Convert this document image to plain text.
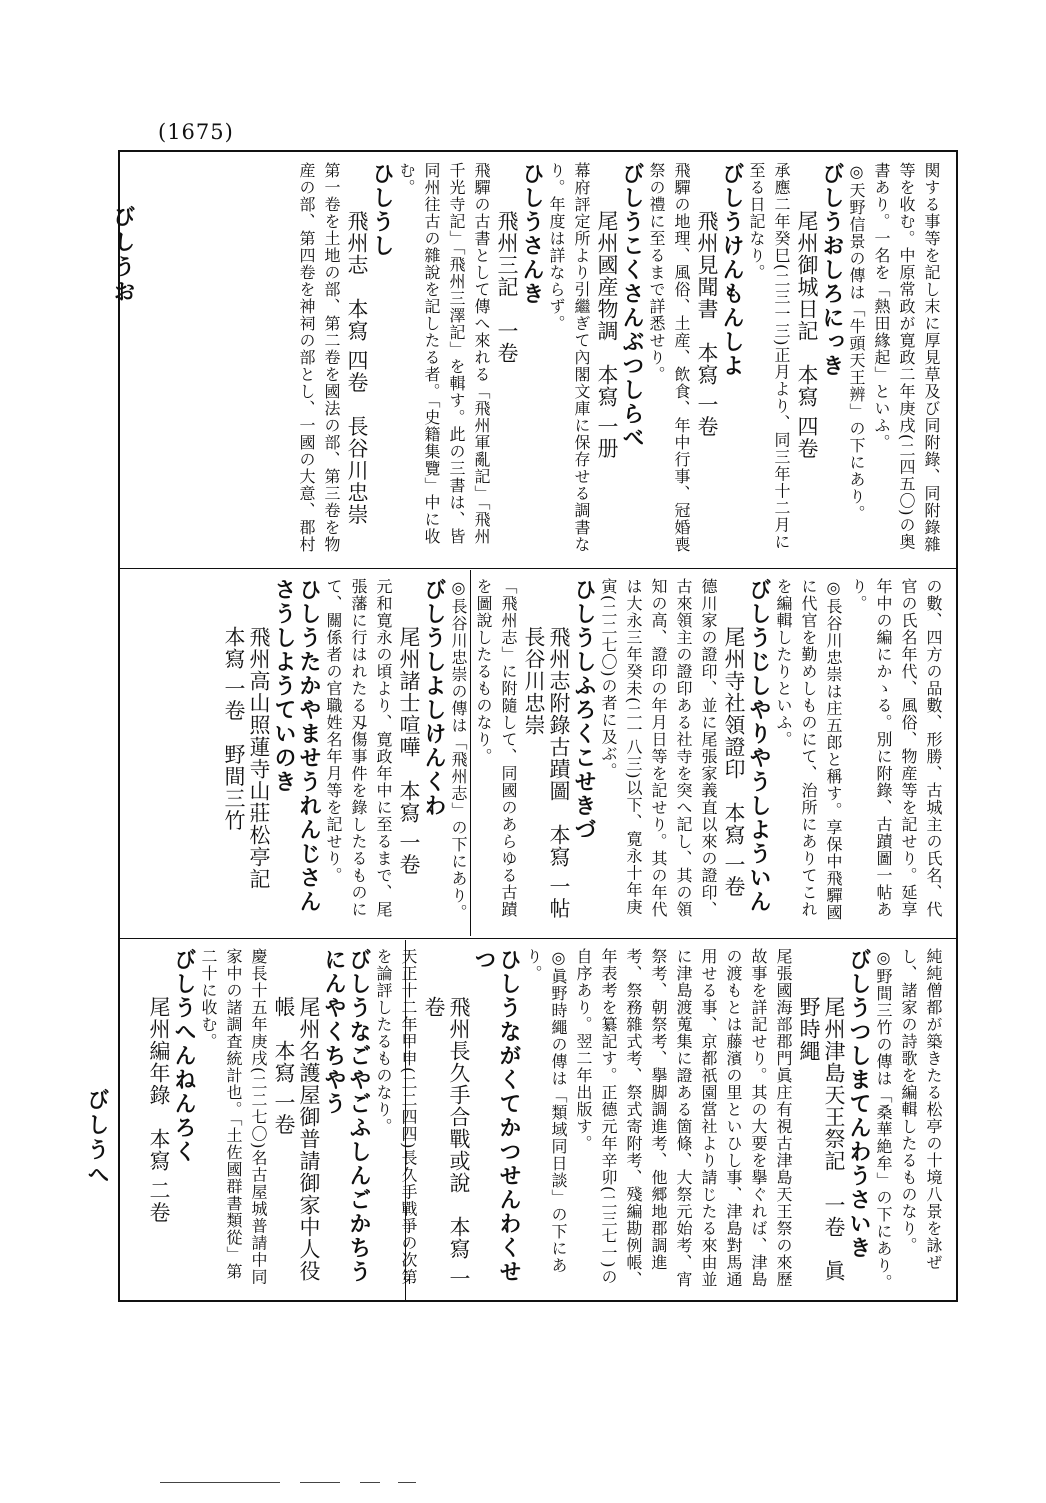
(1675)
びしうお
びしうへ
関する事等を記し末に厚見草及び同附錄、同附錄雜等を收む。中原常政が寛政二年庚戌(二四五〇)の奥書あり。一名を「熱田緣起」といふ。
◎天野信景の傳は「牛頭天王辨」の下にあり。
びしうおしろにっき
尾州御城日記　本寫 四卷
承應二年癸巳(二三一三)正月より、同三年十二月に至る日記なり。
びしうけんもんしよ
飛州見聞書　本寫 一卷
飛驒の地理、風俗、土産、飲食、年中行事、冠婚喪祭の禮に至るまで詳悉せり。
びしうこくさんぶつしらべ
尾州國産物調　本寫 一册
幕府評定所より引繼ぎて內閣文庫に保存せる調書なり。年度は詳ならず。
ひしうさんき
飛州三記　一卷
飛驒の古書として傳へ來れる「飛州軍亂記」「飛州千光寺記」「飛州三澤記」を輯す。此の三書は、皆同州往古の雜說を記したる者。「史籍集覽」中に收む。
ひしうし
飛州志　本寫 四卷　長谷川忠崇
第一卷を土地の部、第二卷を國法の部、第三卷を物産の部、第四卷を神祠の部とし、一國の大意、郡村
の數、四方の品數、形勝、古城主の氏名、代官の氏名年代、風俗、物産等を記せり。延享年中の編にかゝる。別に附錄、古蹟圖一帖あり。
◎長谷川忠崇は庄五郎と稱す。享保中飛驒國に代官を勤めしものにて、治所にありてこれを編輯したりといふ。
びしうじしやりやうしよういん
尾州寺社領證印　本寫 一卷
德川家の證印、並に尾張家義直以來の證印、古來領主の證印ある社寺を突へ記し、其の領知の高、證印の年月日等を記せり。其の年代は大永三年癸未(二一八三)以下、寛永十年庚寅(二二七〇)の者に及ぶ。
ひしうしふろくこせきづ
飛州志附錄古蹟圖　本寫 一帖　長谷川忠崇
「飛州志」に附隨して、同國のあらゆる古蹟を圖說したるものなり。
◎長谷川忠崇の傳は「飛州志」の下にあり。
びしうしよしけんくわ
尾州諸士喧嘩　本寫 一卷
元和寛永の頃より、寛政年中に至るまで、尾張藩に行はれたる刄傷事件を錄したるものにて、關係者の官職姓名年月等を記せり。
ひしうたかやませうれんじさんさうしようていのき
飛州高山照蓮寺山莊松亭記　本寫 一卷　野間三竹
純純僧都が築きたる松亭の十境八景を詠ぜし、諸家の詩歌を編輯したるものなり。
◎野間三竹の傳は「桑華絶牟」の下にあり。
びしうつしまてんわうさいき
尾州津島天王祭記　一卷　眞野時繩
尾張國海部郡門眞庄有視古津島天王祭の來歷故事を詳記せり。其の大要を擧ぐれば、津島の渡もとは藤濱の里といひし事、津島對馬通用せる事、京都祇園當社より請じたる來由並に津島渡蒐集に證ある箇條、大祭元始考、宵祭考、朝祭考、擧脚調進考、他郷地郡調進考、祭務雜式考、祭式寄附考、殘編勘例帳、年表考を纂記す。正德元年辛卯(二三七一)の自序あり。翌二年出版す。
◎眞野時繩の傳は「類域同日談」の下にあり。
ひしうながくてかつせんわくせつ
飛州長久手合戰或說　本寫 一卷
天正十二年甲申(二二四四)長久手戰爭の次第を論評したるものなり。
びしうなごやごふしんごかちうにんやくちやう
尾州名護屋御普請御家中人役帳　本寫 一卷
慶長十五年庚戌(二二七〇)名古屋城普請中同家中の諸調査統計也。「土佐國群書類從」第二十に收む。
びしうへんねんろく
尾州編年錄　本寫 二卷
